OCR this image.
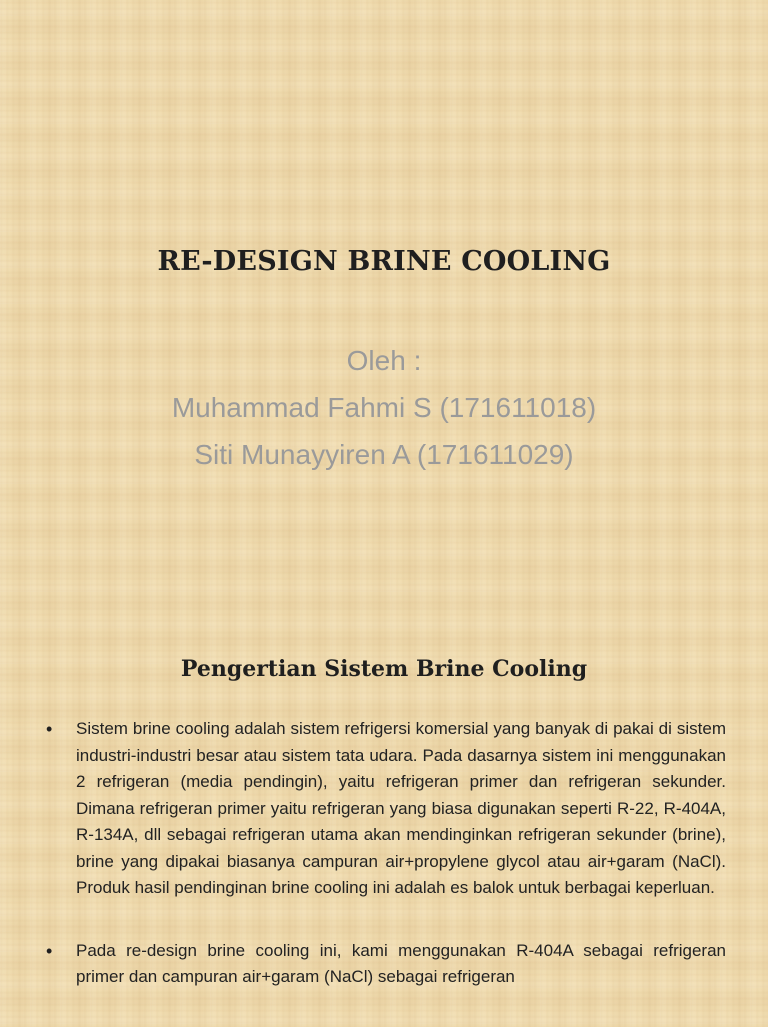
RE-DESIGN BRINE COOLING
Oleh :
Muhammad Fahmi S (171611018)
Siti Munayyiren A (171611029)
Pengertian Sistem Brine Cooling
•	Sistem brine cooling adalah sistem refrigersi komersial yang banyak di pakai di sistem industri-industri besar atau sistem tata udara. Pada dasarnya sistem ini menggunakan 2 refrigeran (media pendingin), yaitu refrigeran primer dan refrigeran sekunder. Dimana refrigeran primer yaitu refrigeran yang biasa digunakan seperti R-22, R-404A, R-134A, dll sebagai refrigeran utama akan mendinginkan refrigeran sekunder (brine), brine yang dipakai biasanya campuran air+propylene glycol atau air+garam (NaCl). Produk hasil pendinginan brine cooling ini adalah es balok untuk berbagai keperluan.
•	Pada re-design brine cooling ini, kami menggunakan R-404A sebagai refrigeran primer dan campuran air+garam (NaCl) sebagai refrigeran
